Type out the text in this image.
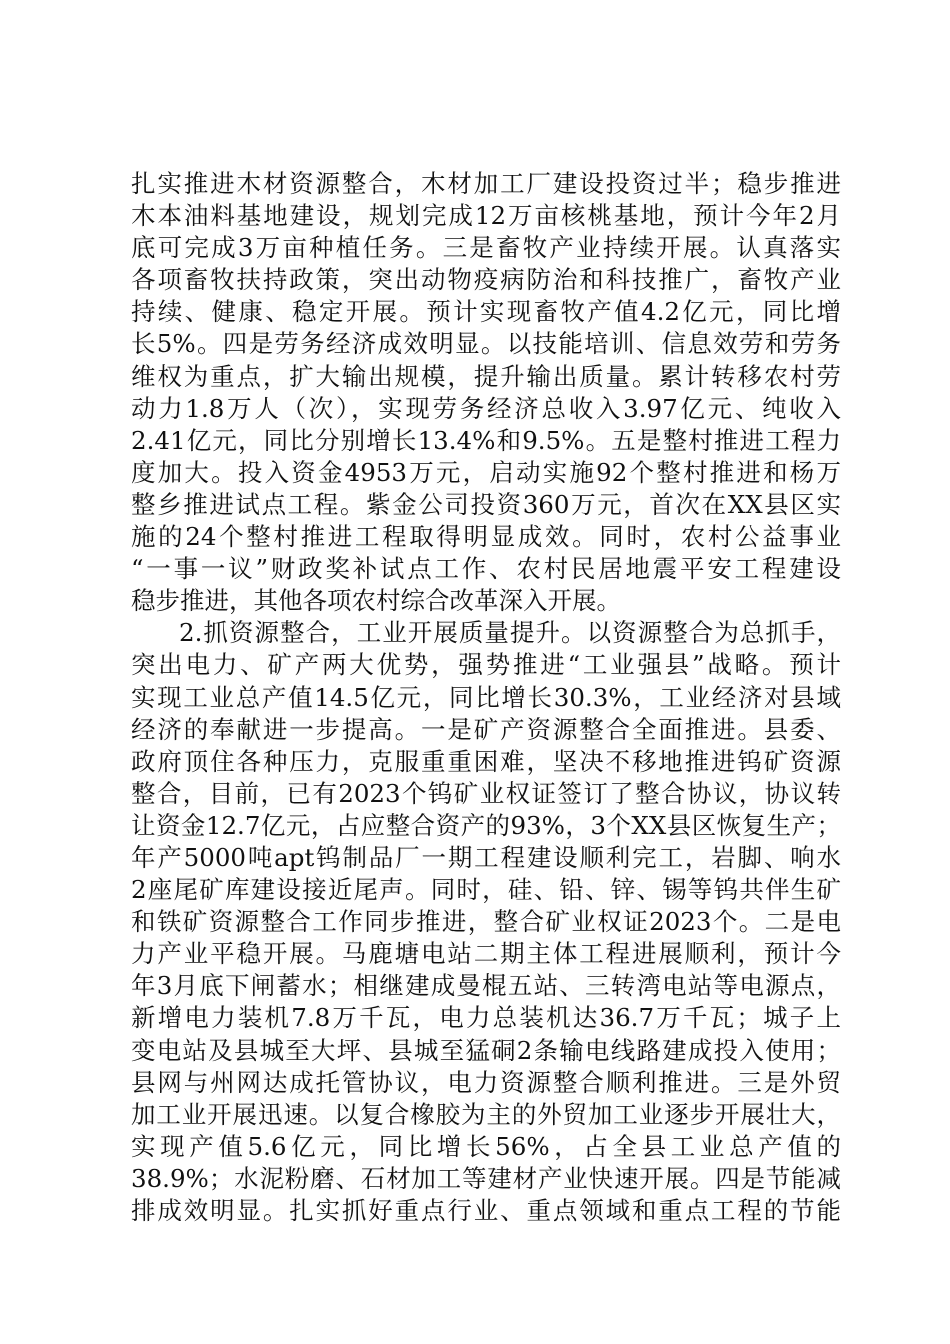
扎实推进木材资源整合，木材加工厂建设投资过半；稳步推进
木本油料基地建设，规划完成12万亩核桃基地，预计今年2月
底可完成3万亩种植任务。三是畜牧产业持续开展。认真落实
各项畜牧扶持政策，突出动物疫病防治和科技推广，畜牧产业
持续、健康、稳定开展。预计实现畜牧产值4.2亿元，同比增
长5%。四是劳务经济成效明显。以技能培训、信息效劳和劳务
维权为重点，扩大输出规模，提升输出质量。累计转移农村劳
动力1.8万人（次），实现劳务经济总收入3.97亿元、纯收入
2.41亿元，同比分别增长13.4%和9.5%。五是整村推进工程力
度加大。投入资金4953万元，启动实施92个整村推进和杨万
整乡推进试点工程。紫金公司投资360万元，首次在XX县区实
施的24个整村推进工程取得明显成效。同时，农村公益事业
“一事一议”财政奖补试点工作、农村民居地震平安工程建设
稳步推进，其他各项农村综合改革深入开展。
2.抓资源整合，工业开展质量提升。以资源整合为总抓手，
突出电力、矿产两大优势，强势推进“工业强县”战略。预计
实现工业总产值14.5亿元，同比增长30.3%，工业经济对县域
经济的奉献进一步提高。一是矿产资源整合全面推进。县委、
政府顶住各种压力，克服重重困难，坚决不移地推进钨矿资源
整合，目前，已有2023个钨矿业权证签订了整合协议，协议转
让资金12.7亿元，占应整合资产的93%，3个XX县区恢复生产；
年产5000吨apt钨制品厂一期工程建设顺利完工，岩脚、响水
2座尾矿库建设接近尾声。同时，硅、铅、锌、锡等钨共伴生矿
和铁矿资源整合工作同步推进，整合矿业权证2023个。二是电
力产业平稳开展。马鹿塘电站二期主体工程进展顺利，预计今
年3月底下闸蓄水；相继建成曼棍五站、三转湾电站等电源点，
新增电力装机7.8万千瓦，电力总装机达36.7万千瓦；城子上
变电站及县城至大坪、县城至猛硐2条输电线路建成投入使用；
县网与州网达成托管协议，电力资源整合顺利推进。三是外贸
加工业开展迅速。以复合橡胶为主的外贸加工业逐步开展壮大，
实现产值5.6亿元，同比增长56%，占全县工业总产值的
38.9%；水泥粉磨、石材加工等建材产业快速开展。四是节能减
排成效明显。扎实抓好重点行业、重点领域和重点工程的节能
